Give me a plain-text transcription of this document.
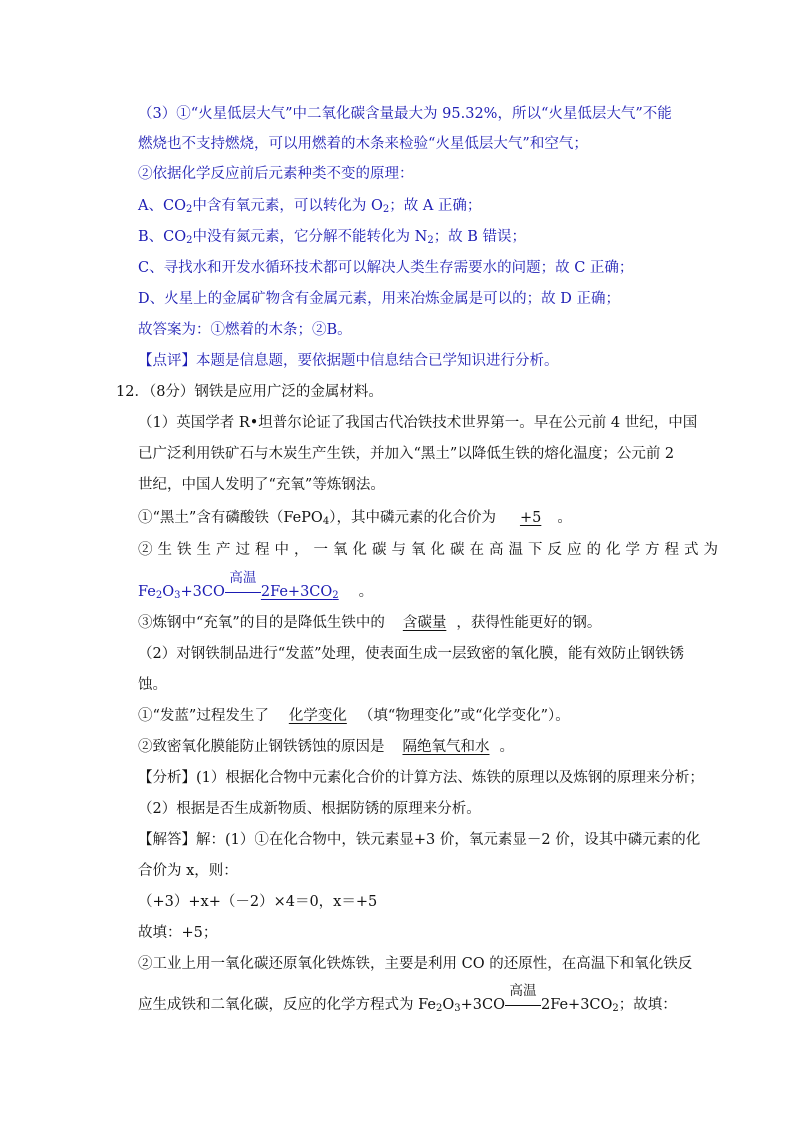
（3）①“火星低层大气”中二氧化碳含量最大为 95.32%，所以“火星低层大气”不能
燃烧也不支持燃烧，可以用燃着的木条来检验“火星低层大气”和空气；
②依据化学反应前后元素种类不变的原理：
A、$CO_2$中含有氧元素，可以转化为 $O_2$；故 A 正确；
B、$CO_2$中没有氮元素，它分解不能转化为 $N_2$；故 B 错误；
C、寻找水和开发水循环技术都可以解决人类生存需要水的问题；故 C 正确；
D、火星上的金属矿物含有金属元素，用来冶炼金属是可以的；故 D 正确；
故答案为：①燃着的木条；②B。
【点评】本题是信息题，要依据题中信息结合已学知识进行分析。
12．（8分）钢铁是应用广泛的金属材料。
（1）英国学者 R•坦普尔论证了我国古代冶铁技术世界第一。早在公元前 4 世纪，中国
已广泛利用铁矿石与木炭生产生铁，并加入“黑土”以降低生铁的熔化温度；公元前 2
世纪，中国人发明了“充氧”等炼钢法。
①“黑土”含有磷酸铁（FePO$_4$），其中磷元素的化合价为 +5 。
②生铁生产过程中，一氧化碳与氧化碳在高温下反应的化学方程式为
$Fe_2O_3+3CO$
高温
$2Fe+3CO_2$ 。
③炼钢中“充氧”的目的是降低生铁中的 含碳量 ，获得性能更好的钢。
（2）对钢铁制品进行“发蓝”处理，使表面生成一层致密的氧化膜，能有效防止钢铁锈
蚀。
①“发蓝”过程发生了 化学变化 （填“物理变化”或“化学变化”）。
②致密氧化膜能防止钢铁锈蚀的原因是 隔绝氧气和水 。
【分析】(1）根据化合物中元素化合价的计算方法、炼铁的原理以及炼钢的原理来分析；
（2）根据是否生成新物质、根据防锈的原理来分析。
【解答】解：(1）①在化合物中，铁元素显+3 价，氧元素显－2 价，设其中磷元素的化
合价为 x，则：
（+3）+x+（－2）×4＝0，x＝+5
故填：+5；
②工业上用一氧化碳还原氧化铁炼铁，主要是利用 CO 的还原性，在高温下和氧化铁反
应生成铁和二氧化碳，反应的化学方程式为 $Fe_2O_3+3CO$
高温
$2Fe+3CO_2$；故填：
